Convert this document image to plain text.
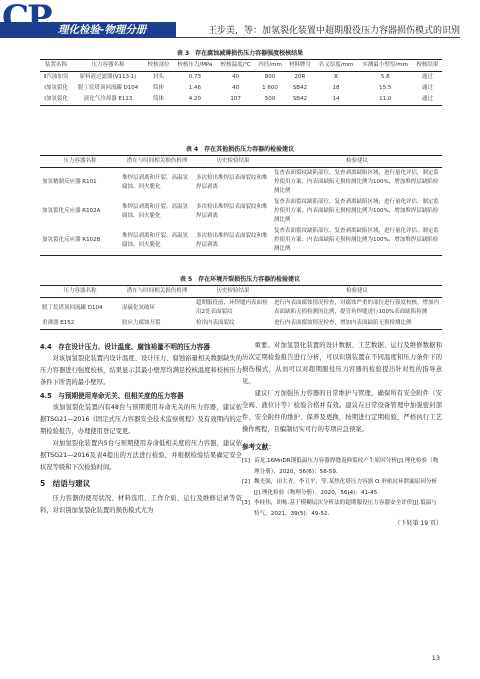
CP 理化检验-物理分册	王步美，等：加氢裂化装置中超期服役压力容器损伤模式的识别
表 3　存在腐蚀减薄损伤压力容器强度校核结果
装置名称	压力容器名称	校核部位	校核压力/MPa	校核温度/℃	内径/mm	材料牌号	名义厚度/mm	实测最小壁厚/mm	校核结果
Ⅱ汽油加氢	原料液过滤器(V113-1)	封头	0.73	40	800	20R	8	5.8	通过
Ⅰ加氢裂化	脱丁烷塔顶回流罐 D104	筒体	1.46	40	1 600	SB42	18	15.5	通过
Ⅰ加氢裂化	液化气冷却器 E113	筒体	4.20	107	500	SB42	14	11.0	通过
表 4　存在其他损伤压力容器的检验建议
压力容器名称	潜在与时间相关损伤机理	历史检验结果	检验建议
加氢精制反应器 R101	堆焊层剥离和开裂、高温氢腐蚀、回火脆化	多次检出堆焊层表面裂纹和堆焊层剥离	复查表面裂纹缺陷部位、复查剥离缺陷区域，进行量化评估，制定监控使用方案；内表面缺陷无损检测比例为100%，增加堆焊层缺陷检测比例
加氢裂化反应器 R102A	堆焊层剥离和开裂、高温氢腐蚀、回火脆化	多次检出堆焊层表面裂纹和堆焊层剥离	复查表面裂纹缺陷部位、复查剥离缺陷区域，进行量化评估，制定监控使用方案；内表面缺陷无损检测比例为100%，增加堆焊层缺陷检测比例
加氢裂化反应器 R102B	堆焊层剥离和开裂、高温氢腐蚀、回火脆化	多次检出堆焊层表面裂纹和堆焊层剥离	复查表面裂纹缺陷部位、复查剥离缺陷区域，进行量化评估，制定监控使用方案；内表面缺陷无损检测比例为100%，增加堆焊层缺陷检测比例
表 5　存在环境开裂损伤压力容器的检验建议
压力容器名称	潜在与时间相关损伤机理	历史检验结果	检验建议
脱丁烷塔顶回流罐 D104	湿硫化氢破坏	超期服役前，环焊缝内表面检出2处表面裂纹	进行内表面腐蚀情况检查，对腐蚀严重的部位进行强度校核，增加内表面缺陷无损检测的比例，提管角焊缝进行100%表面缺陷检测
重沸器 E152	胺应力腐蚀开裂	检出内表面裂纹	进行内表面腐蚀情况检查，增加内表面缺陷无损检测比例
4.4　存在设计压力、设计温度、腐蚀裕量不明的压力容器

对该加氢裂化装置内设计温度、设计压力、腐蚀裕量相关数据缺失的压力容器进行强度校核，结果显示其最小壁厚均满足校核温度和校核压力条件下所需的最小壁厚。

4.5　与预期使用寿命无关、但相关度的压力容器

该加氢裂化装置内有48台与预期使用寿命无关的压力容器，建议依据TSG21—2016《固定式压力容器安全技术监察规程》及有效期内的定期检验报告，办理使用登记变更。

对加氢裂化装置内5台与预期使用寿命低相关度的压力容器，建议依据TSG21—2016及表4提出的方法进行检验，并根据检验结果确定安全状况等级和下次检验时间。

5　结语与建议

压力容器的使用状况、材料选用、工作介质、运行及维修记录等资料，对识别加氢裂化装置的损伤模式尤为

重要。对加氢裂化装置的设计数据、工艺数据、运行及维修数据和历次定期检验报告进行分析，可以识别装置在不同温度和压力条件下的损伤模式，从而可以对超期服役压力容器的检验提出针对性的指导意见。

建议厂方加强压力容器的日常维护与管理，确保所有安全附件（安全阀、液位计等）检验合格并有效。建议在日常设备管理中加强密封部件、安全附件的维护、保养及更换，按期进行定期检验，严格执行工艺操作规程，且编制切实可行的专项应急预案。

参考文献：
[1] 苗龙.16MnDR钢低温压力容器焊缝返修裂纹产生原因分析[J].理化检验（物理分册），2020，56(6)：56-59.
[2] 魏光强，田大青，李卫平，等.某焦化塔压力容器 O 形密封环泄漏原因分析[J].理化检验（物理分册），2020，56(4)：41-45.
[3] 李桂伟，胡栋.基于模糊层次分析法的超期服役压力容器安全评价[J].低温与特气，2021，39(5)：49-52.
（下转第 19 页）
13
